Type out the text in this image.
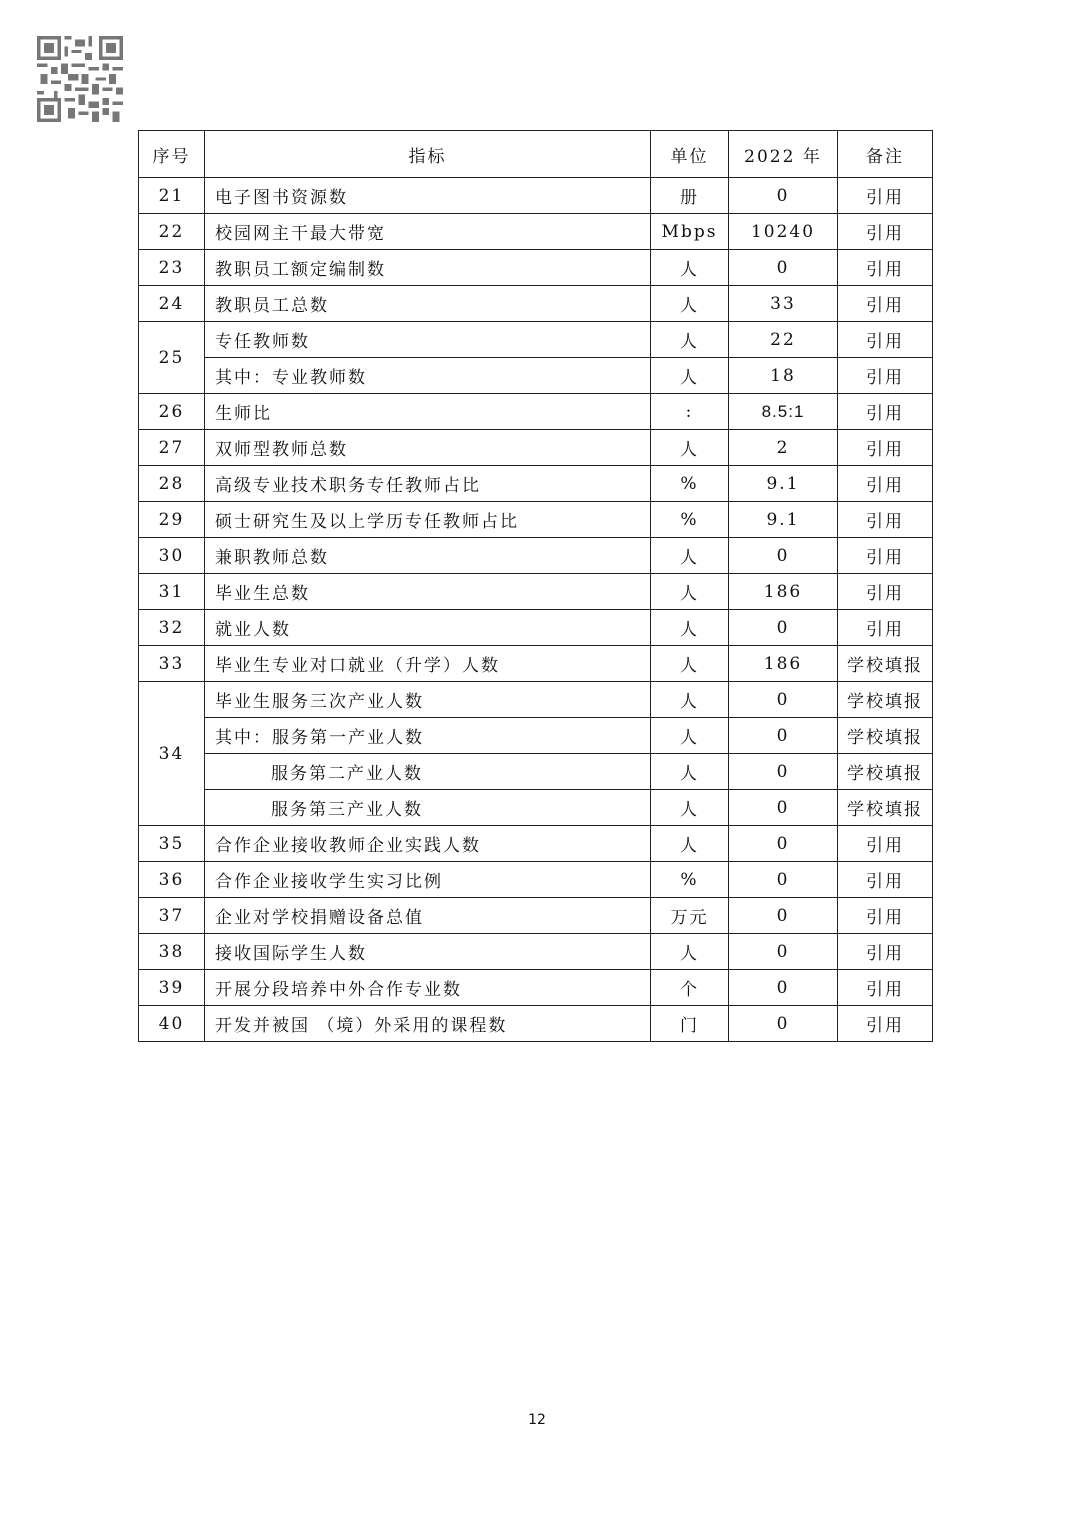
序号	指标	单位	2022 年	备注
21	电子图书资源数	册	0	引用
22	校园网主干最大带宽	Mbps	10240	引用
23	教职员工额定编制数	人	0	引用
24	教职员工总数	人	33	引用
25	专任教师数	人	22	引用
	其中：专业教师数	人	18	引用
26	生师比	:	8.5:1	引用
27	双师型教师总数	人	2	引用
28	高级专业技术职务专任教师占比	%	9.1	引用
29	硕士研究生及以上学历专任教师占比	%	9.1	引用
30	兼职教师总数	人	0	引用
31	毕业生总数	人	186	引用
32	就业人数	人	0	引用
33	毕业生专业对口就业（升学）人数	人	186	学校填报
34	毕业生服务三次产业人数	人	0	学校填报
	其中：服务第一产业人数	人	0	学校填报
	服务第二产业人数	人	0	学校填报
	服务第三产业人数	人	0	学校填报
35	合作企业接收教师企业实践人数	人	0	引用
36	合作企业接收学生实习比例	%	0	引用
37	企业对学校捐赠设备总值	万元	0	引用
38	接收国际学生人数	人	0	引用
39	开展分段培养中外合作专业数	个	0	引用
40	开发并被国 （境）外采用的课程数	门	0	引用
12
